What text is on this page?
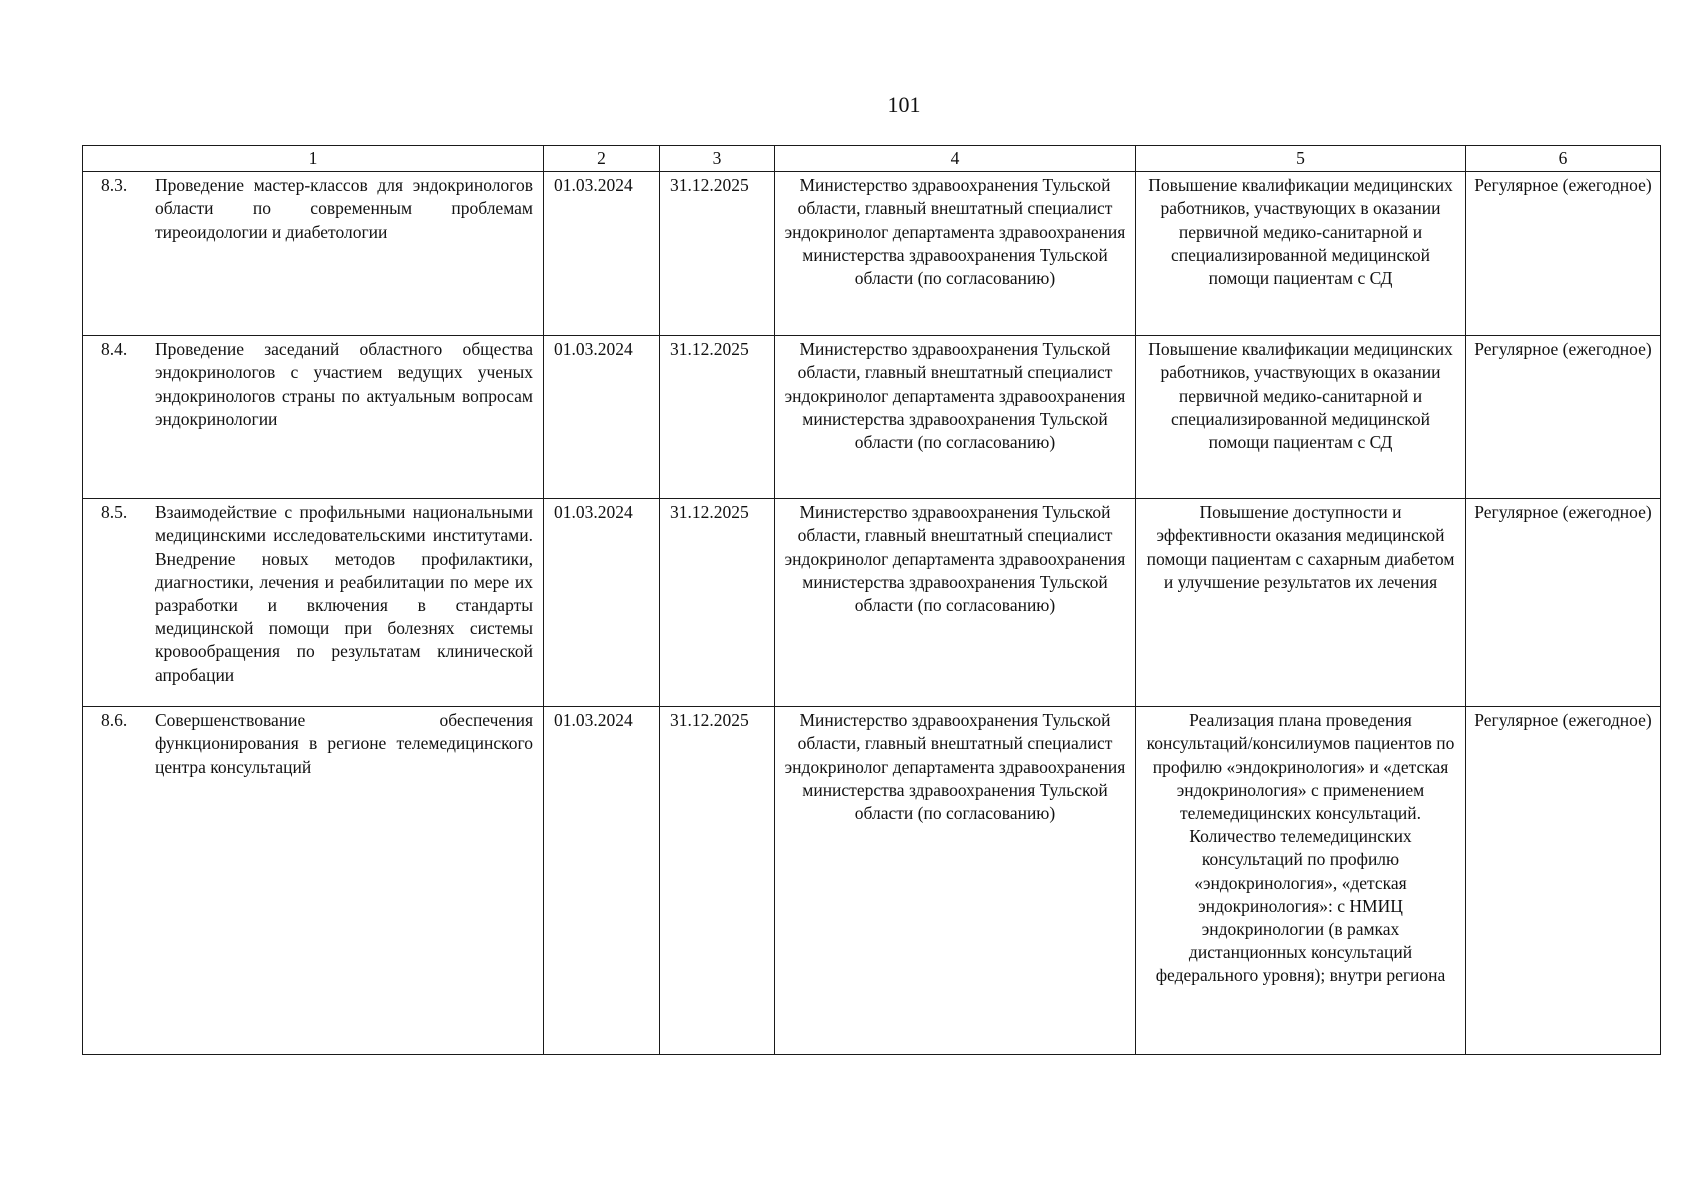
101
1	2	3	4	5	6

8.3. Проведение мастер-классов для эндокринологов области по современным проблемам тиреоидологии и диабетологии	01.03.2024	31.12.2025	Министерство здравоохранения Тульской области, главный внештатный специалист эндокринолог департамента здравоохранения министерства здравоохранения Тульской области (по согласованию)	Повышение квалификации медицинских работников, участвующих в оказании первичной медико-санитарной и специализированной медицинской помощи пациентам с СД	Регулярное (ежегодное)

8.4. Проведение заседаний областного общества эндокринологов с участием ведущих ученых эндокринологов страны по актуальным вопросам эндокринологии	01.03.2024	31.12.2025	Министерство здравоохранения Тульской области, главный внештатный специалист эндокринолог департамента здравоохранения министерства здравоохранения Тульской области (по согласованию)	Повышение квалификации медицинских работников, участвующих в оказании первичной медико-санитарной и специализированной медицинской помощи пациентам с СД	Регулярное (ежегодное)

8.5. Взаимодействие с профильными национальными медицинскими исследовательскими институтами. Внедрение новых методов профилактики, диагностики, лечения и реабилитации по мере их разработки и включения в стандарты медицинской помощи при болезнях системы кровообращения по результатам клинической апробации	01.03.2024	31.12.2025	Министерство здравоохранения Тульской области, главный внештатный специалист эндокринолог департамента здравоохранения министерства здравоохранения Тульской области (по согласованию)	Повышение доступности и эффективности оказания медицинской помощи пациентам с сахарным диабетом и улучшение результатов их лечения	Регулярное (ежегодное)

8.6. Совершенствование обеспечения функционирования в регионе телемедицинского центра консультаций	01.03.2024	31.12.2025	Министерство здравоохранения Тульской области, главный внештатный специалист эндокринолог департамента здравоохранения министерства здравоохранения Тульской области (по согласованию)	Реализация плана проведения консультаций/консилиумов пациентов по профилю «эндокринология» и «детская эндокринология» с применением телемедицинских консультаций. Количество телемедицинских консультаций по профилю «эндокринология», «детская эндокринология»: с НМИЦ эндокринологии (в рамках дистанционных консультаций федерального уровня); внутри региона	Регулярное (ежегодное)
